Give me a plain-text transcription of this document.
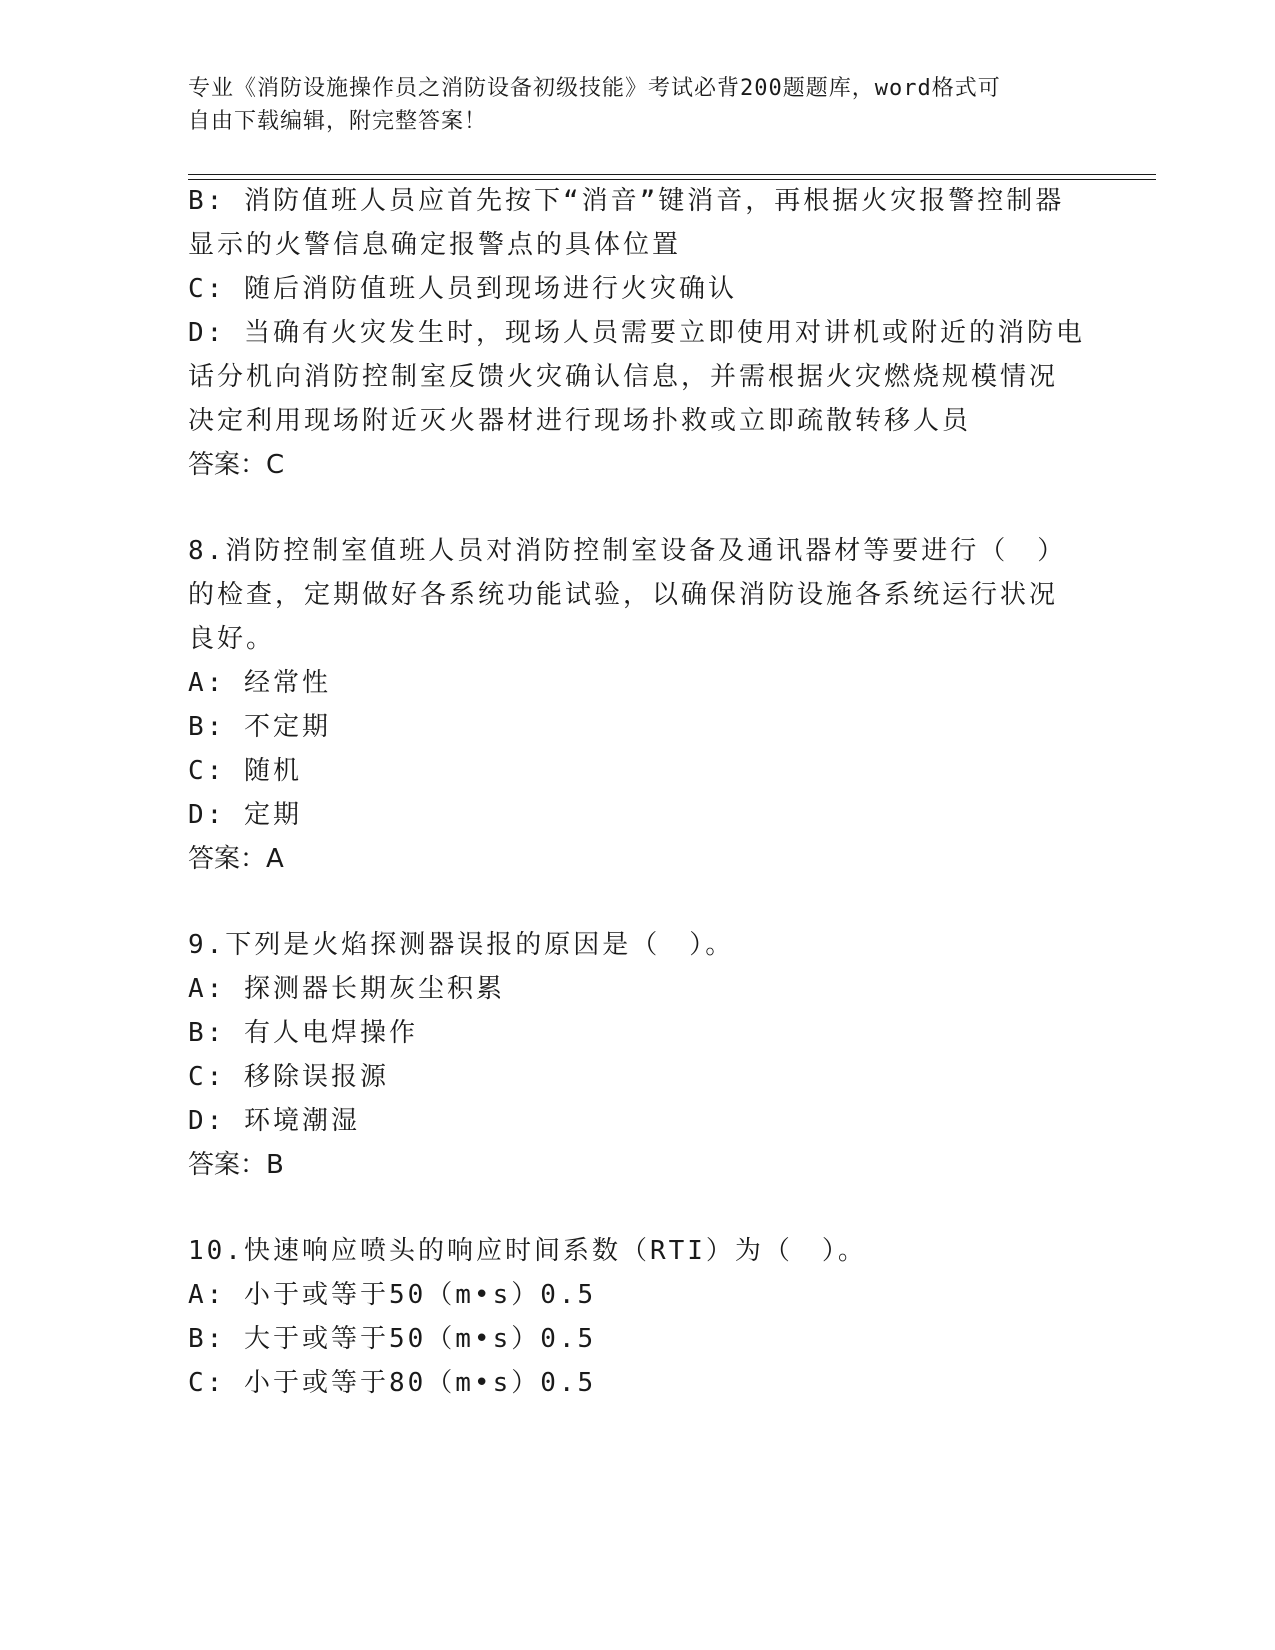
专业《消防设施操作员之消防设备初级技能》考试必背200题题库，word格式可
自由下载编辑，附完整答案！
B: 消防值班人员应首先按下“消音”键消音，再根据火灾报警控制器
显示的火警信息确定报警点的具体位置
C: 随后消防值班人员到现场进行火灾确认
D: 当确有火灾发生时，现场人员需要立即使用对讲机或附近的消防电
话分机向消防控制室反馈火灾确认信息，并需根据火灾燃烧规模情况
决定利用现场附近灭火器材进行现场扑救或立即疏散转移人员
答案：C
8.消防控制室值班人员对消防控制室设备及通讯器材等要进行（　）
的检查，定期做好各系统功能试验，以确保消防设施各系统运行状况
良好。
A: 经常性
B: 不定期
C: 随机
D: 定期
答案：A
9.下列是火焰探测器误报的原因是（　）。
A: 探测器长期灰尘积累
B: 有人电焊操作
C: 移除误报源
D: 环境潮湿
答案：B
10.快速响应喷头的响应时间系数（RTI）为（　）。
A: 小于或等于50（m•s）0.5
B: 大于或等于50（m•s）0.5
C: 小于或等于80（m•s）0.5
